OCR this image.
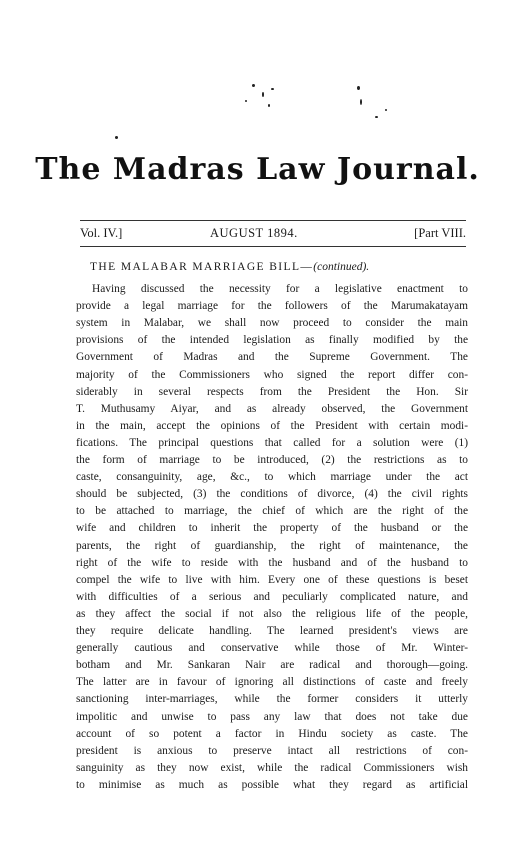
The Madras Law Journal.
Vol. IV.]	AUGUST 1894.	[Part VIII.
THE MALABAR MARRIAGE BILL—(continued).
Having discussed the necessity for a legislative enactment to
provide a legal marriage for the followers of the Marumakatayam
system in Malabar, we shall now proceed to consider the main
provisions of the intended legislation as finally modified by the
Government of Madras and the Supreme Government. The
majority of the Commissioners who signed the report differ con-
siderably in several respects from the President the Hon. Sir
T. Muthusamy Aiyar, and as already observed, the Government
in the main, accept the opinions of the President with certain modi-
fications. The principal questions that called for a solution were (1)
the form of marriage to be introduced, (2) the restrictions as to
caste, consanguinity, age, &c., to which marriage under the act
should be subjected, (3) the conditions of divorce, (4) the civil rights
to be attached to marriage, the chief of which are the right of the
wife and children to inherit the property of the husband or the
parents, the right of guardianship, the right of maintenance, the
right of the wife to reside with the husband and of the husband to
compel the wife to live with him. Every one of these questions is beset
with difficulties of a serious and peculiarly complicated nature, and
as they affect the social if not also the religious life of the people,
they require delicate handling. The learned president's views are
generally cautious and conservative while those of Mr. Winter-
botham and Mr. Sankaran Nair are radical and thorough—going.
The latter are in favour of ignoring all distinctions of caste and freely
sanctioning inter-marriages, while the former considers it utterly
impolitic and unwise to pass any law that does not take due
account of so potent a factor in Hindu society as caste. The
president is anxious to preserve intact all restrictions of con-
sanguinity as they now exist, while the radical Commissioners wish
to minimise as much as possible what they regard as artificial
